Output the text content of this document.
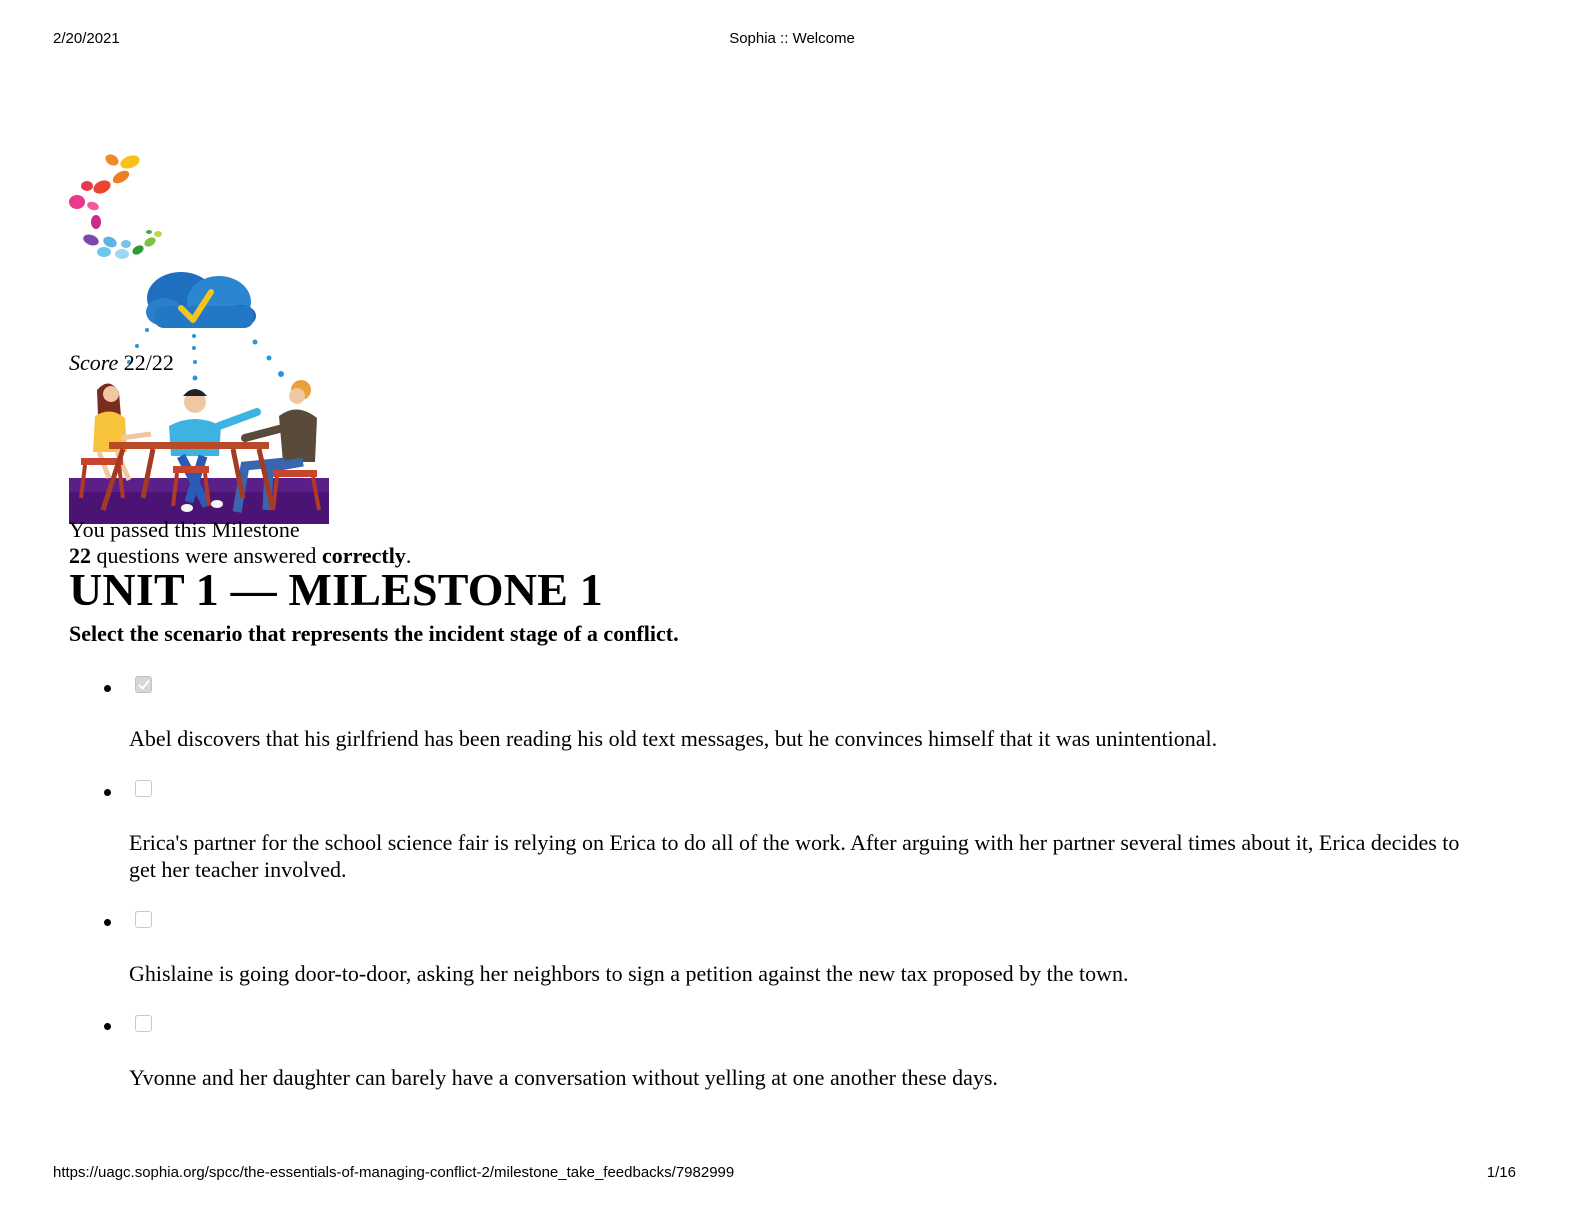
2/20/2021	Sophia :: Welcome
Score 22/22
You passed this Milestone
22 questions were answered correctly.
UNIT 1 — MILESTONE 1
Select the scenario that represents the incident stage of a conflict.
Abel discovers that his girlfriend has been reading his old text messages, but he convinces himself that it was unintentional.
Erica's partner for the school science fair is relying on Erica to do all of the work. After arguing with her partner several times about it, Erica decides to get her teacher involved.
Ghislaine is going door-to-door, asking her neighbors to sign a petition against the new tax proposed by the town.
Yvonne and her daughter can barely have a conversation without yelling at one another these days.
https://uagc.sophia.org/spcc/the-essentials-of-managing-conflict-2/milestone_take_feedbacks/7982999	1/16
